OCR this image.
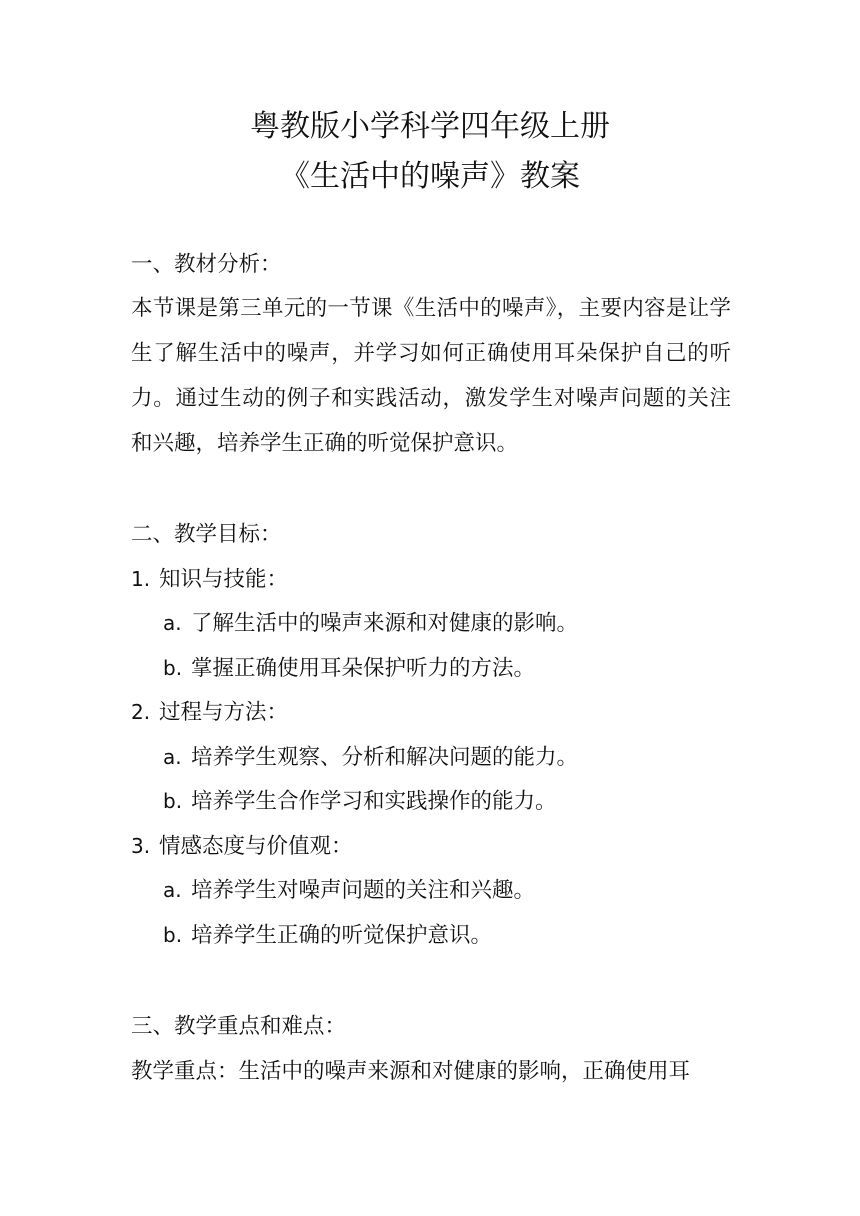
粤教版小学科学四年级上册
《生活中的噪声》教案
一、教材分析：
本节课是第三单元的一节课《生活中的噪声》，主要内容是让学生了解生活中的噪声，并学习如何正确使用耳朵保护自己的听力。通过生动的例子和实践活动，激发学生对噪声问题的关注和兴趣，培养学生正确的听觉保护意识。
二、教学目标：
1. 知识与技能：
a. 了解生活中的噪声来源和对健康的影响。
b. 掌握正确使用耳朵保护听力的方法。
2. 过程与方法：
a. 培养学生观察、分析和解决问题的能力。
b. 培养学生合作学习和实践操作的能力。
3. 情感态度与价值观：
a. 培养学生对噪声问题的关注和兴趣。
b. 培养学生正确的听觉保护意识。
三、教学重点和难点：
教学重点：生活中的噪声来源和对健康的影响，正确使用耳
